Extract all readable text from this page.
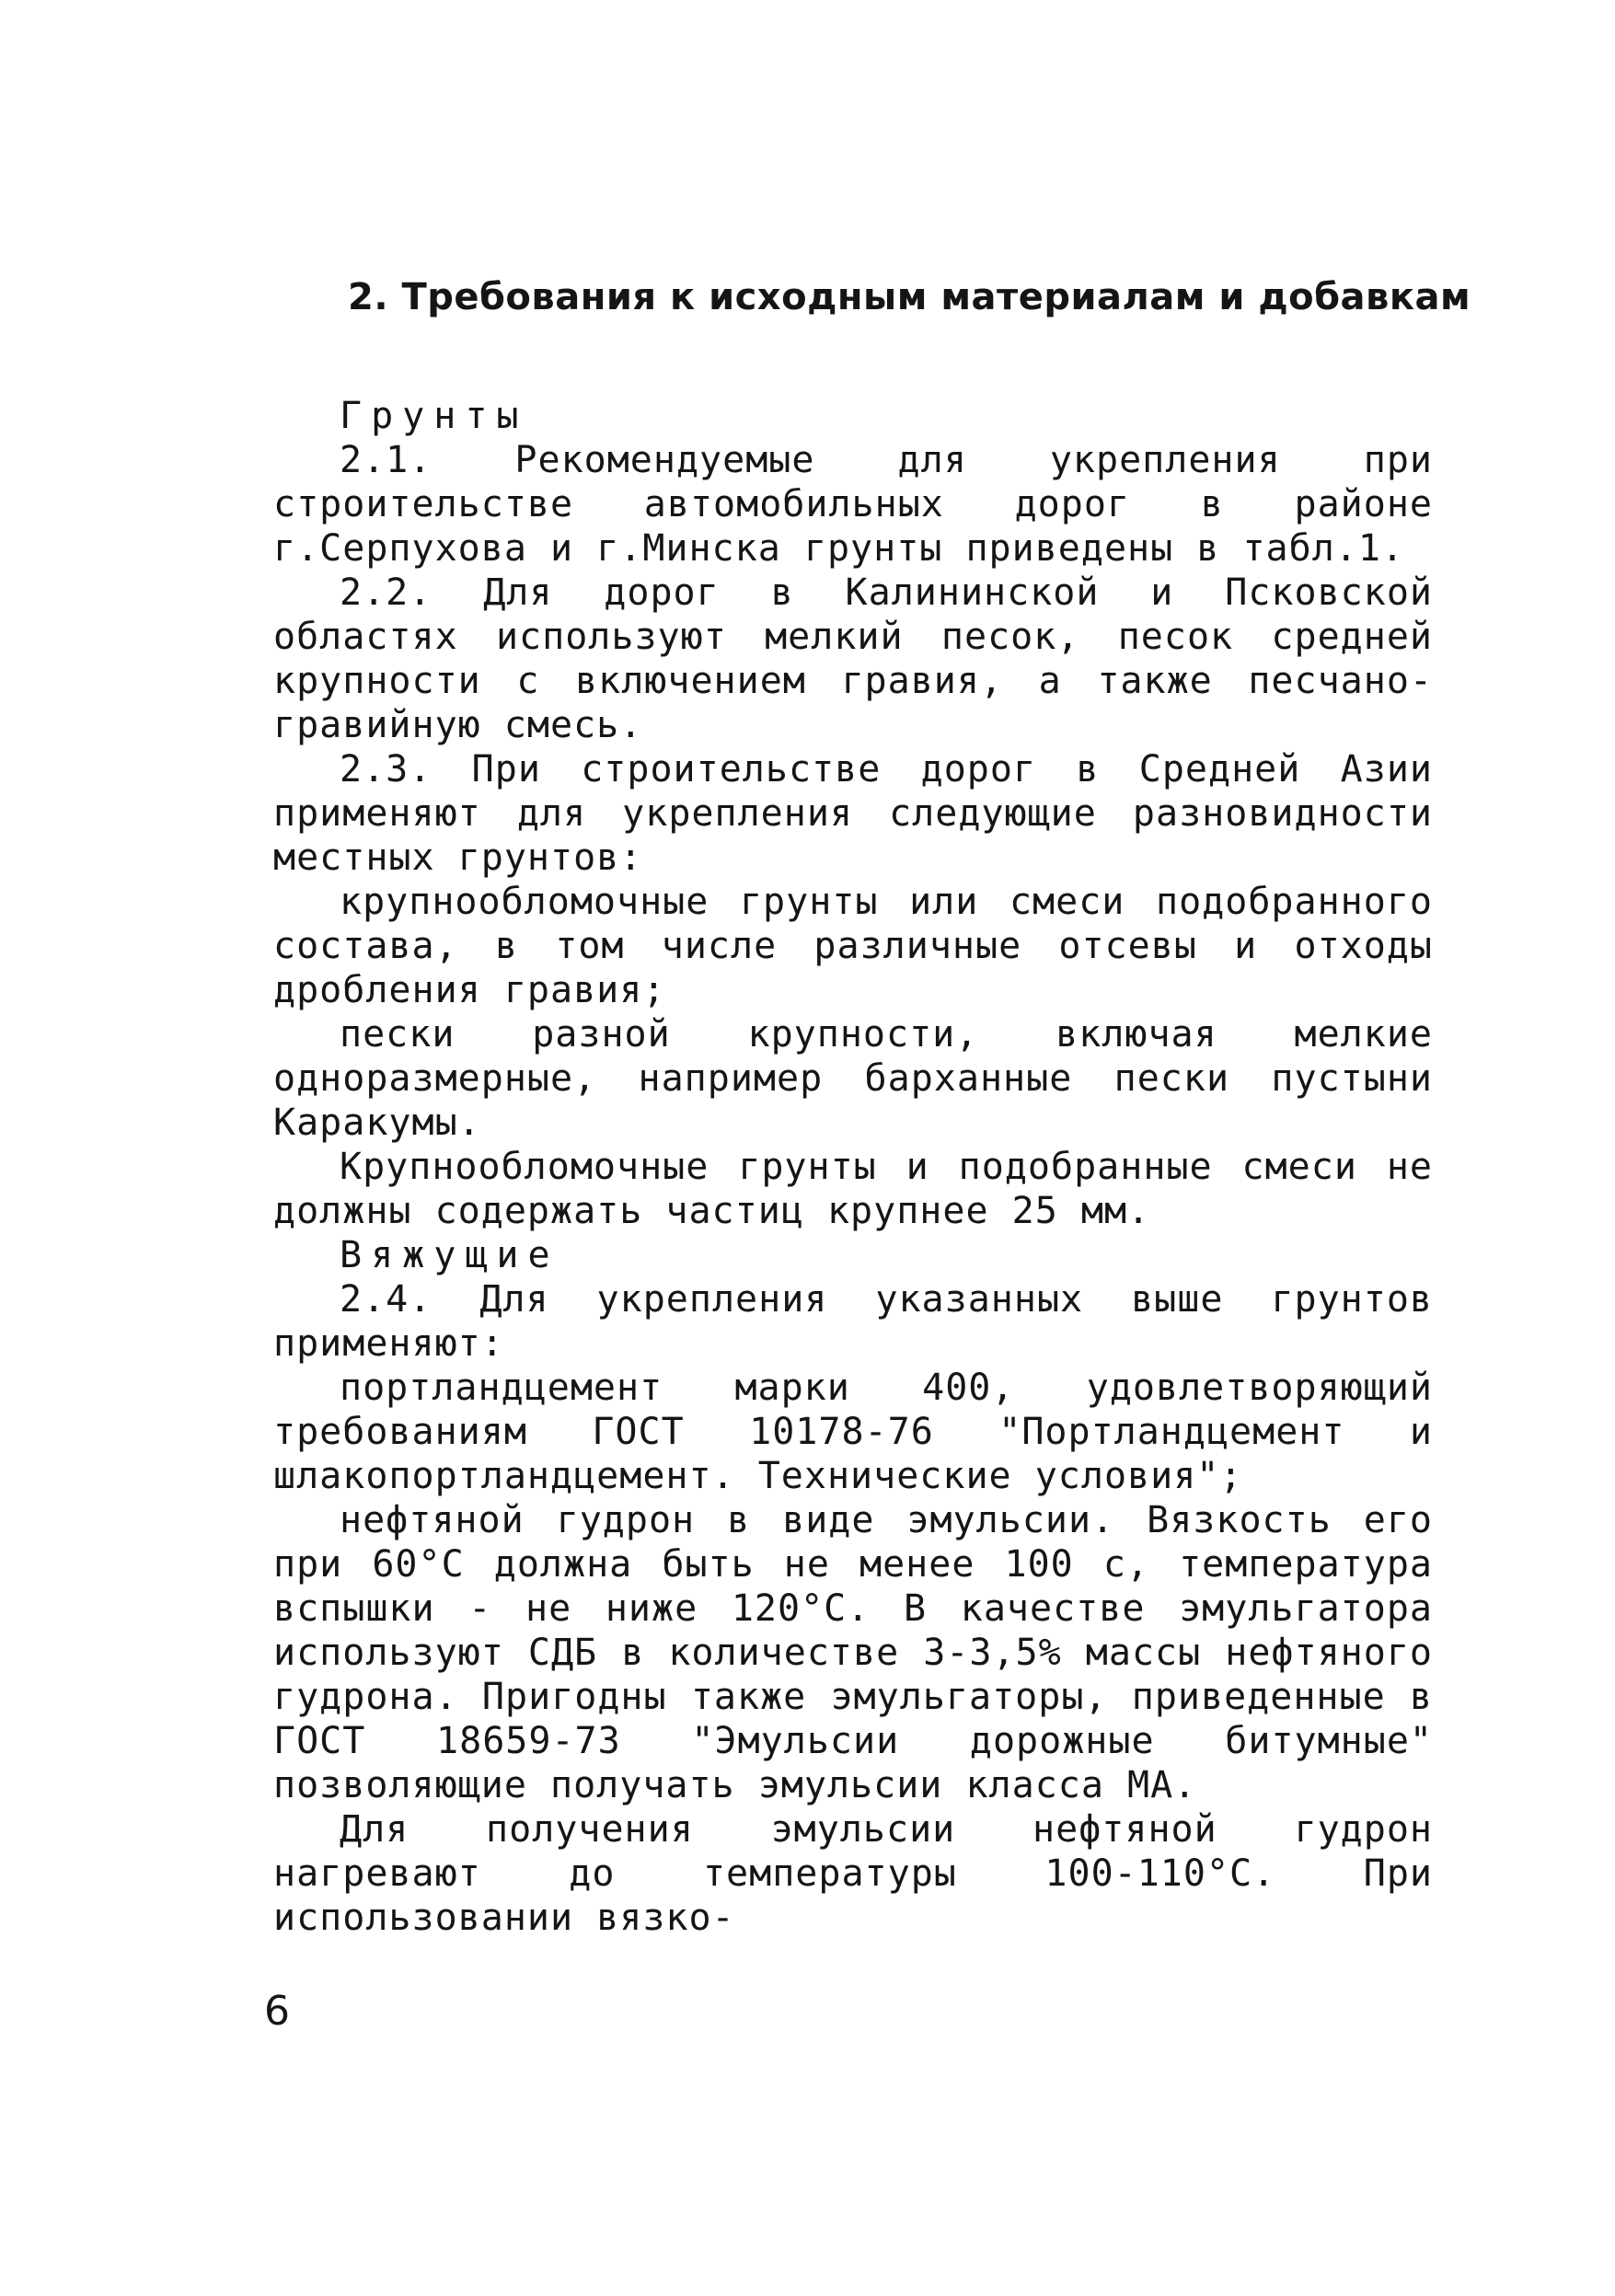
2. Требования к исходным материалам и добавкам

Грунты

2.1. Рекомендуемые для укрепления при строительстве автомобильных дорог в районе г.Серпухова и г.Минска грунты приведены в табл.1.

2.2. Для дорог в Калининской и Псковской областях используют мелкий песок, песок средней крупности с включением гравия, а также песчано-гравийную смесь.

2.3. При строительстве дорог в Средней Азии применяют для укрепления следующие разновидности местных грунтов:

крупнообломочные грунты или смеси подобранного состава, в том числе различные отсевы и отходы дробления гравия;

пески разной крупности, включая мелкие одноразмерные, например барханные пески пустыни Каракумы.

Крупнообломочные грунты и подобранные смеси не должны содержать частиц крупнее 25 мм.

Вяжущие

2.4. Для укрепления указанных выше грунтов применяют:

портландцемент марки 400, удовлетворяющий требованиям ГОСТ 10178-76 "Портландцемент и шлакопортландцемент. Технические условия";

нефтяной гудрон в виде эмульсии. Вязкость его при 60°С должна быть не менее 100 с, температура вспышки - не ниже 120°С. В качестве эмульгатора используют СДБ в количестве 3-3,5% массы нефтяного гудрона. Пригодны также эмульгаторы, приведенные в ГОСТ 18659-73 "Эмульсии дорожные битумные" позволяющие получать эмульсии класса МА.

Для получения эмульсии нефтяной гудрон нагревают до температуры 100-110°С. При использовании вязко-

6
